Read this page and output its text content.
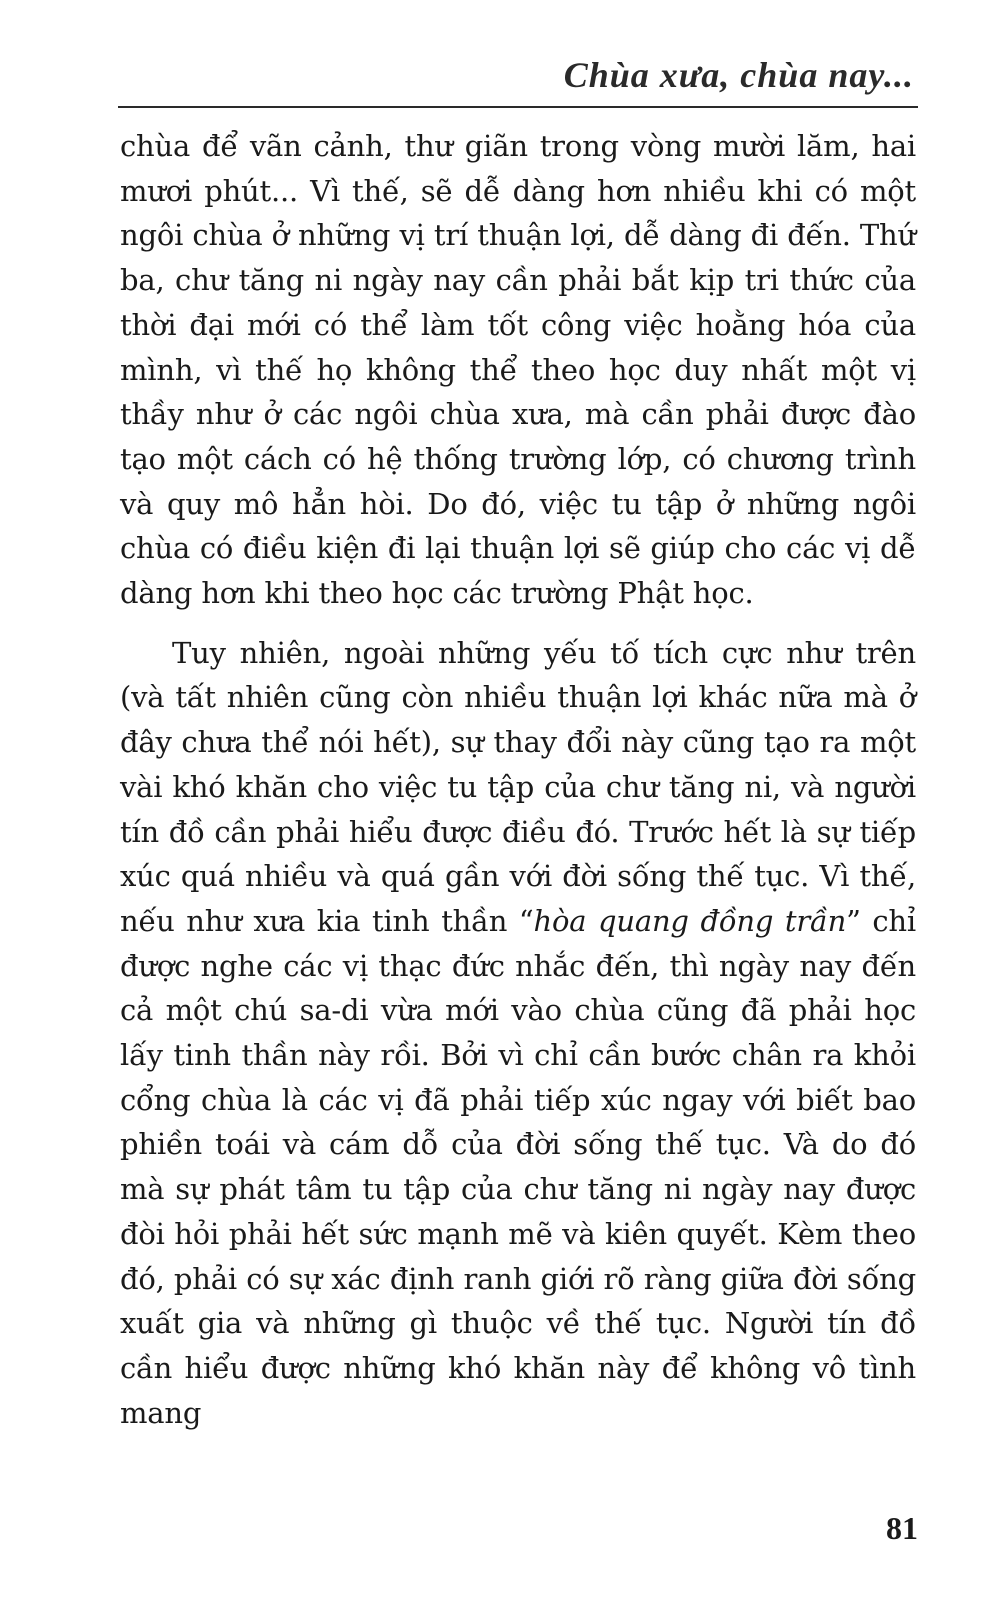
Chùa xưa, chùa nay...

chùa để vãn cảnh, thư giãn trong vòng mười lăm, hai mươi phút... Vì thế, sẽ dễ dàng hơn nhiều khi có một ngôi chùa ở những vị trí thuận lợi, dễ dàng đi đến. Thứ ba, chư tăng ni ngày nay cần phải bắt kịp tri thức của thời đại mới có thể làm tốt công việc hoằng hóa của mình, vì thế họ không thể theo học duy nhất một vị thầy như ở các ngôi chùa xưa, mà cần phải được đào tạo một cách có hệ thống trường lớp, có chương trình và quy mô hẳn hòi. Do đó, việc tu tập ở những ngôi chùa có điều kiện đi lại thuận lợi sẽ giúp cho các vị dễ dàng hơn khi theo học các trường Phật học.

Tuy nhiên, ngoài những yếu tố tích cực như trên (và tất nhiên cũng còn nhiều thuận lợi khác nữa mà ở đây chưa thể nói hết), sự thay đổi này cũng tạo ra một vài khó khăn cho việc tu tập của chư tăng ni, và người tín đồ cần phải hiểu được điều đó. Trước hết là sự tiếp xúc quá nhiều và quá gần với đời sống thế tục. Vì thế, nếu như xưa kia tinh thần “hòa quang đồng trần” chỉ được nghe các vị thạc đức nhắc đến, thì ngày nay đến cả một chú sa-di vừa mới vào chùa cũng đã phải học lấy tinh thần này rồi. Bởi vì chỉ cần bước chân ra khỏi cổng chùa là các vị đã phải tiếp xúc ngay với biết bao phiền toái và cám dỗ của đời sống thế tục. Và do đó mà sự phát tâm tu tập của chư tăng ni ngày nay được đòi hỏi phải hết sức mạnh mẽ và kiên quyết. Kèm theo đó, phải có sự xác định ranh giới rõ ràng giữa đời sống xuất gia và những gì thuộc về thế tục. Người tín đồ cần hiểu được những khó khăn này để không vô tình mang

81
